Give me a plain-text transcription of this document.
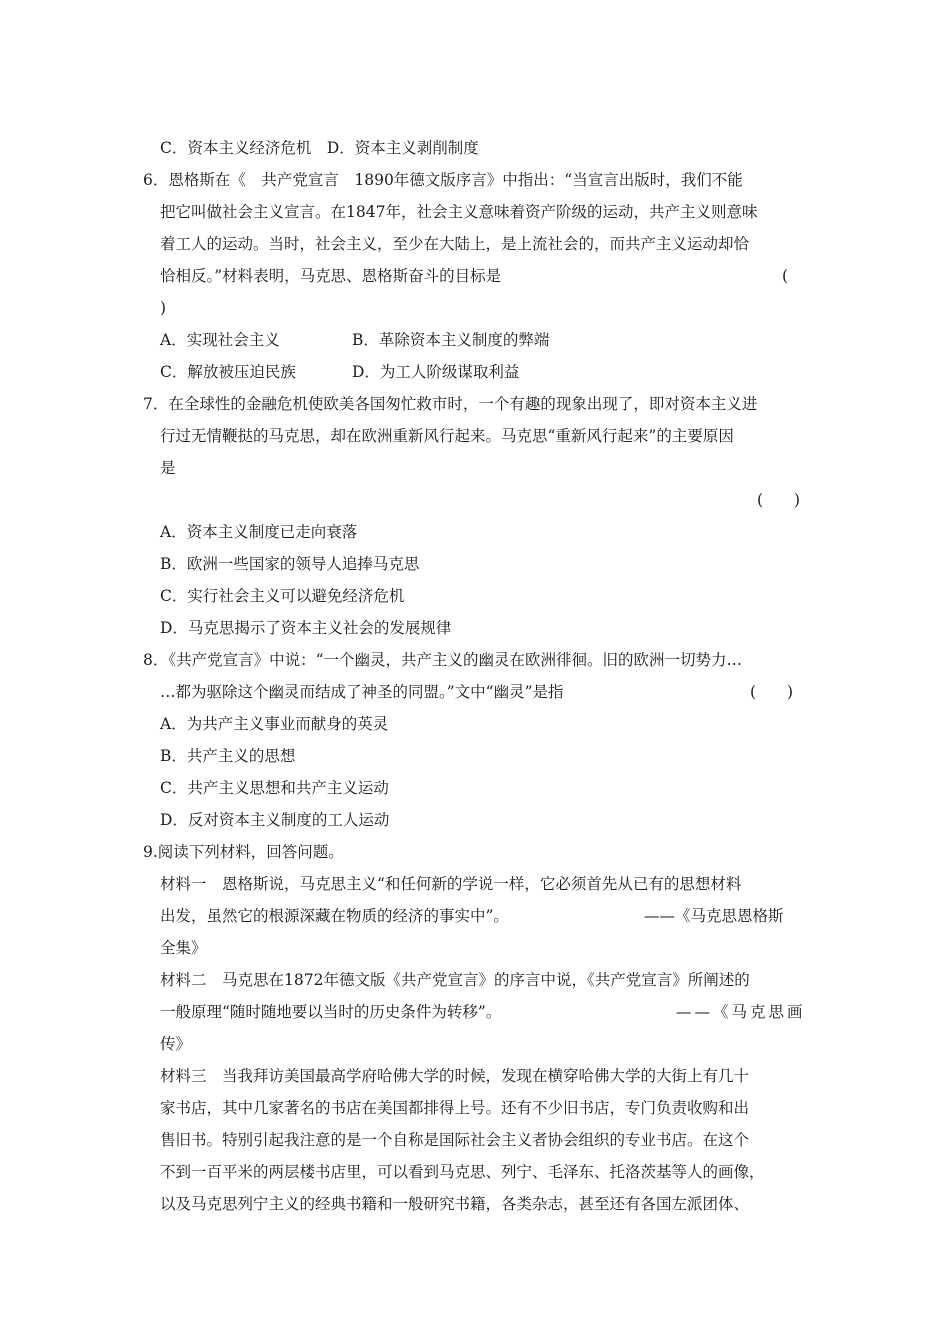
C．资本主义经济危机　D．资本主义剥削制度
6．恩格斯在《　共产党宣言　1890年德文版序言》中指出：“当宣言出版时，我们不能
把它叫做社会主义宣言。在1847年，社会主义意味着资产阶级的运动，共产主义则意味
着工人的运动。当时，社会主义，至少在大陆上，是上流社会的，而共产主义运动却恰
恰相反。”材料表明，马克思、恩格斯奋斗的目标是	(
)
A．实现社会主义	B．革除资本主义制度的弊端
C．解放被压迫民族	D．为工人阶级谋取利益
7．在全球性的金融危机使欧美各国匆忙救市时，一个有趣的现象出现了，即对资本主义进
行过无情鞭挞的马克思，却在欧洲重新风行起来。马克思“重新风行起来”的主要原因
是
(　　)
A．资本主义制度已走向衰落
B．欧洲一些国家的领导人追捧马克思
C．实行社会主义可以避免经济危机
D．马克思揭示了资本主义社会的发展规律
8．《共产党宣言》中说：“一个幽灵，共产主义的幽灵在欧洲徘徊。旧的欧洲一切势力…
…都为驱除这个幽灵而结成了神圣的同盟。”文中“幽灵”是指	(　　)
A．为共产主义事业而献身的英灵
B．共产主义的思想
C．共产主义思想和共产主义运动
D．反对资本主义制度的工人运动
9.阅读下列材料，回答问题。
材料一　恩格斯说，马克思主义“和任何新的学说一样，它必须首先从已有的思想材料
出发，虽然它的根源深藏在物质的经济的事实中”。	——《马克思恩格斯
全集》
材料二　马克思在1872年德文版《共产党宣言》的序言中说，《共产党宣言》所阐述的
一般原理“随时随地要以当时的历史条件为转移”。	——《马克思画
传》
材料三　当我拜访美国最高学府哈佛大学的时候，发现在横穿哈佛大学的大街上有几十
家书店，其中几家著名的书店在美国都排得上号。还有不少旧书店，专门负责收购和出
售旧书。特别引起我注意的是一个自称是国际社会主义者协会组织的专业书店。在这个
不到一百平米的两层楼书店里，可以看到马克思、列宁、毛泽东、托洛茨基等人的画像，
以及马克思列宁主义的经典书籍和一般研究书籍，各类杂志，甚至还有各国左派团体、
